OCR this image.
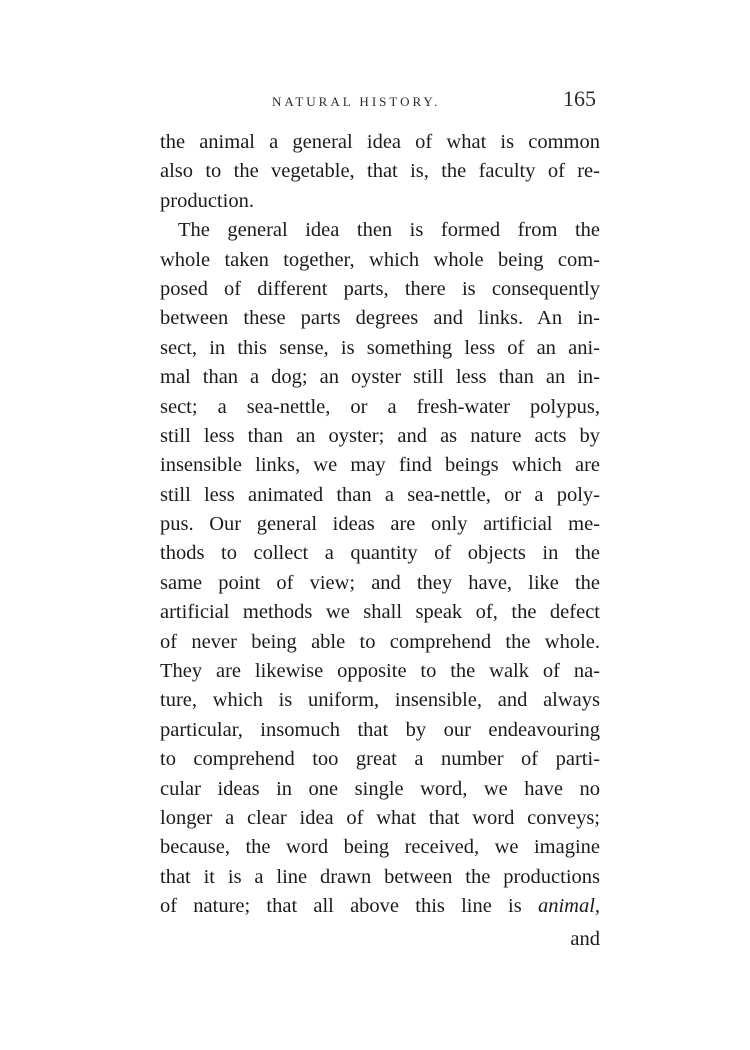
NATURAL HISTORY.	165
the animal a general idea of what is common
also to the vegetable, that is, the faculty of re-
production.
The general idea then is formed from the
whole taken together, which whole being com-
posed of different parts, there is consequently
between these parts degrees and links. An in-
sect, in this sense, is something less of an ani-
mal than a dog; an oyster still less than an in-
sect; a sea-nettle, or a fresh-water polypus,
still less than an oyster; and as nature acts by
insensible links, we may find beings which are
still less animated than a sea-nettle, or a poly-
pus. Our general ideas are only artificial me-
thods to collect a quantity of objects in the
same point of view; and they have, like the
artificial methods we shall speak of, the defect
of never being able to comprehend the whole.
They are likewise opposite to the walk of na-
ture, which is uniform, insensible, and always
particular, insomuch that by our endeavouring
to comprehend too great a number of parti-
cular ideas in one single word, we have no
longer a clear idea of what that word conveys;
because, the word being received, we imagine
that it is a line drawn between the productions
of nature; that all above this line is animal,
and
